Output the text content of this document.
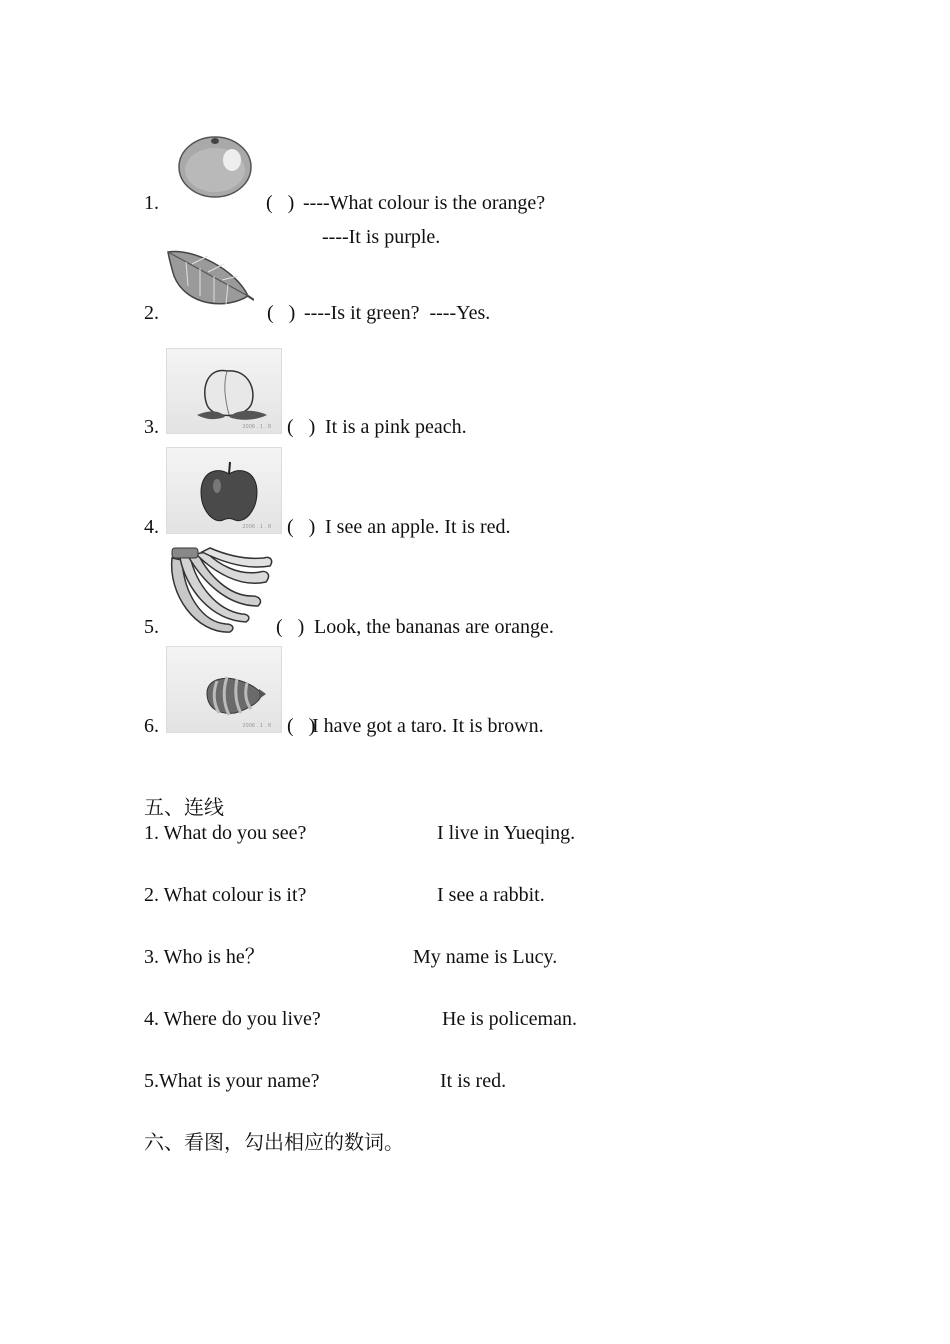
1.	(   ) ----What colour is the orange?
----It is purple.
2.	(   ) ----Is it green?  ----Yes.
3.	2006 . 1 . 8 (   ) It is a pink peach.
4.	2006 . 1 . 8 (   ) I see an apple. It is red.
5.	(   ) Look, the bananas are orange.
6.	2006 . 1 . 8 (   )
I have got a taro. It is brown.
五、连线
1. What do you see?	I live in Yueqing.
2. What colour is it?	I see a rabbit.
3. Who is he？	My name is Lucy.
4. Where do you live?	He is policeman.
5.What is your name?	It is red.
六、看图，勾出相应的数词。
